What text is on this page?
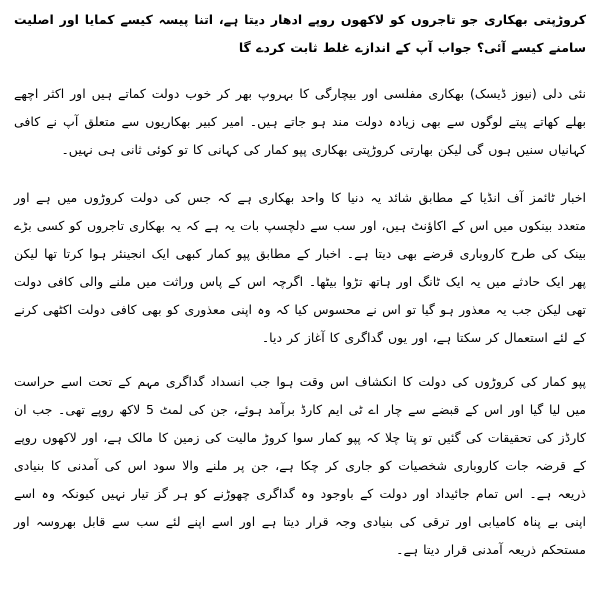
کروڑپتی بھکاری جو تاجروں کو لاکھوں روپے ادھار دیتا ہے، اتنا پیسہ کیسے کمایا اور اصلیت سامنے کیسے آئی؟ جواب آپ کے اندازے غلط ثابت کردے گا

نئی دلی (نیوز ڈیسک) بھکاری مفلسی اور بیچارگی کا بہروپ بھر کر خوب دولت کماتے ہیں اور اکثر اچھے بھلے کھاتے پیتے لوگوں سے بھی زیادہ دولت مند ہو جاتے ہیں۔ امیر کبیر بھکاریوں سے متعلق آپ نے کافی کہانیاں سنیں ہوں گی لیکن بھارتی کروڑپتی بھکاری پپو کمار کی کہانی کا تو کوئی ثانی ہی نہیں۔

اخبار ٹائمز آف انڈیا کے مطابق شائد یہ دنیا کا واحد بھکاری ہے کہ جس کی دولت کروڑوں میں ہے اور متعدد بینکوں میں اس کے اکاﺅنٹ ہیں، اور سب سے دلچسپ بات یہ ہے کہ یہ بھکاری تاجروں کو کسی بڑے بینک کی طرح کاروباری قرضے بھی دیتا ہے۔ اخبار کے مطابق پپو کمار کبھی ایک انجینئر ہوا کرتا تھا لیکن پھر ایک حادثے میں یہ ایک ٹانگ اور ہاتھ تڑوا بیٹھا۔ اگرچہ اس کے پاس وراثت میں ملنے والی کافی دولت تھی لیکن جب یہ معذور ہو گیا تو اس نے محسوس کیا کہ وہ اپنی معذوری کو بھی کافی دولت اکٹھی کرنے کے لئے استعمال کر سکتا ہے، اور یوں گداگری کا آغاز کر دیا۔

پپو کمار کی کروڑوں کی دولت کا انکشاف اس وقت ہوا جب انسداد گداگری مہم کے تحت اسے حراست میں لیا گیا اور اس کے قبضے سے چار اے ٹی ایم کارڈ برآمد ہوئے، جن کی لمٹ 5 لاکھ روپے تھی۔ جب ان کارڈز کی تحقیقات کی گئیں تو پتا چلا کہ پپو کمار سوا کروڑ مالیت کی زمین کا مالک ہے، اور لاکھوں روپے کے قرضہ جات کاروباری شخصیات کو جاری کر چکا ہے، جن پر ملنے والا سود اس کی آمدنی کا بنیادی ذریعہ ہے۔ اس تمام جائیداد اور دولت کے باوجود وہ گداگری چھوڑنے کو ہر گز تیار نہیں کیونکہ وہ اسے اپنی بے پناہ کامیابی اور ترقی کی بنیادی وجہ قرار دیتا ہے اور اسے اپنے لئے سب سے قابل بھروسہ اور مستحکم ذریعہ آمدنی قرار دیتا ہے۔
